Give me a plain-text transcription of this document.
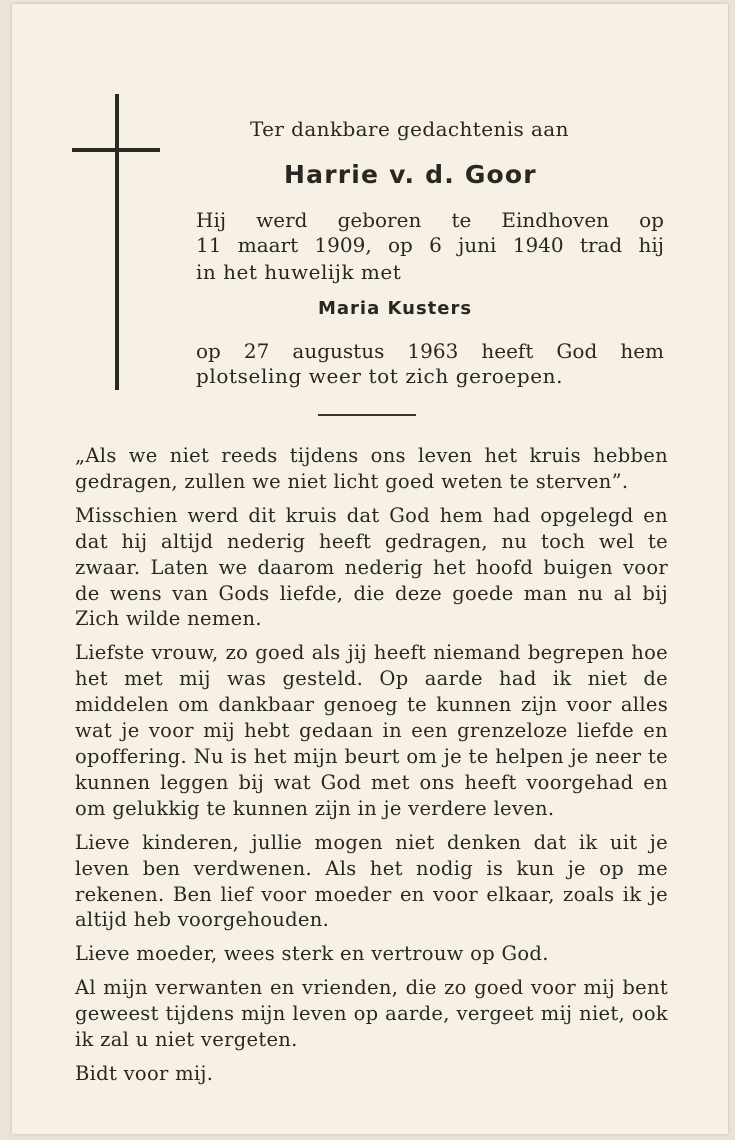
Ter dankbare gedachtenis aan
Harrie v. d. Goor
Hij werd geboren te Eindhoven op
11 maart 1909, op 6 juni 1940 trad hij
in het huwelijk met
Maria Kusters
op 27 augustus 1963 heeft God hem
plotseling weer tot zich geroepen.
„Als we niet reeds tijdens ons leven het kruis hebben gedragen, zullen we niet licht goed weten te sterven”.
Misschien werd dit kruis dat God hem had opgelegd en dat hij altijd nederig heeft gedragen, nu toch wel te zwaar. Laten we daarom nederig het hoofd buigen voor de wens van Gods liefde, die deze goede man nu al bij Zich wilde nemen.
Liefste vrouw, zo goed als jij heeft niemand begrepen hoe het met mij was gesteld. Op aarde had ik niet de middelen om dankbaar genoeg te kunnen zijn voor alles wat je voor mij hebt gedaan in een grenzeloze liefde en opoffering. Nu is het mijn beurt om je te helpen je neer te kunnen leggen bij wat God met ons heeft voorgehad en om gelukkig te kunnen zijn in je verdere leven.
Lieve kinderen, jullie mogen niet denken dat ik uit je leven ben verdwenen. Als het nodig is kun je op me rekenen. Ben lief voor moeder en voor elkaar, zoals ik je altijd heb voorgehouden.
Lieve moeder, wees sterk en vertrouw op God.
Al mijn verwanten en vrienden, die zo goed voor mij bent geweest tijdens mijn leven op aarde, vergeet mij niet, ook ik zal u niet vergeten.
Bidt voor mij.
